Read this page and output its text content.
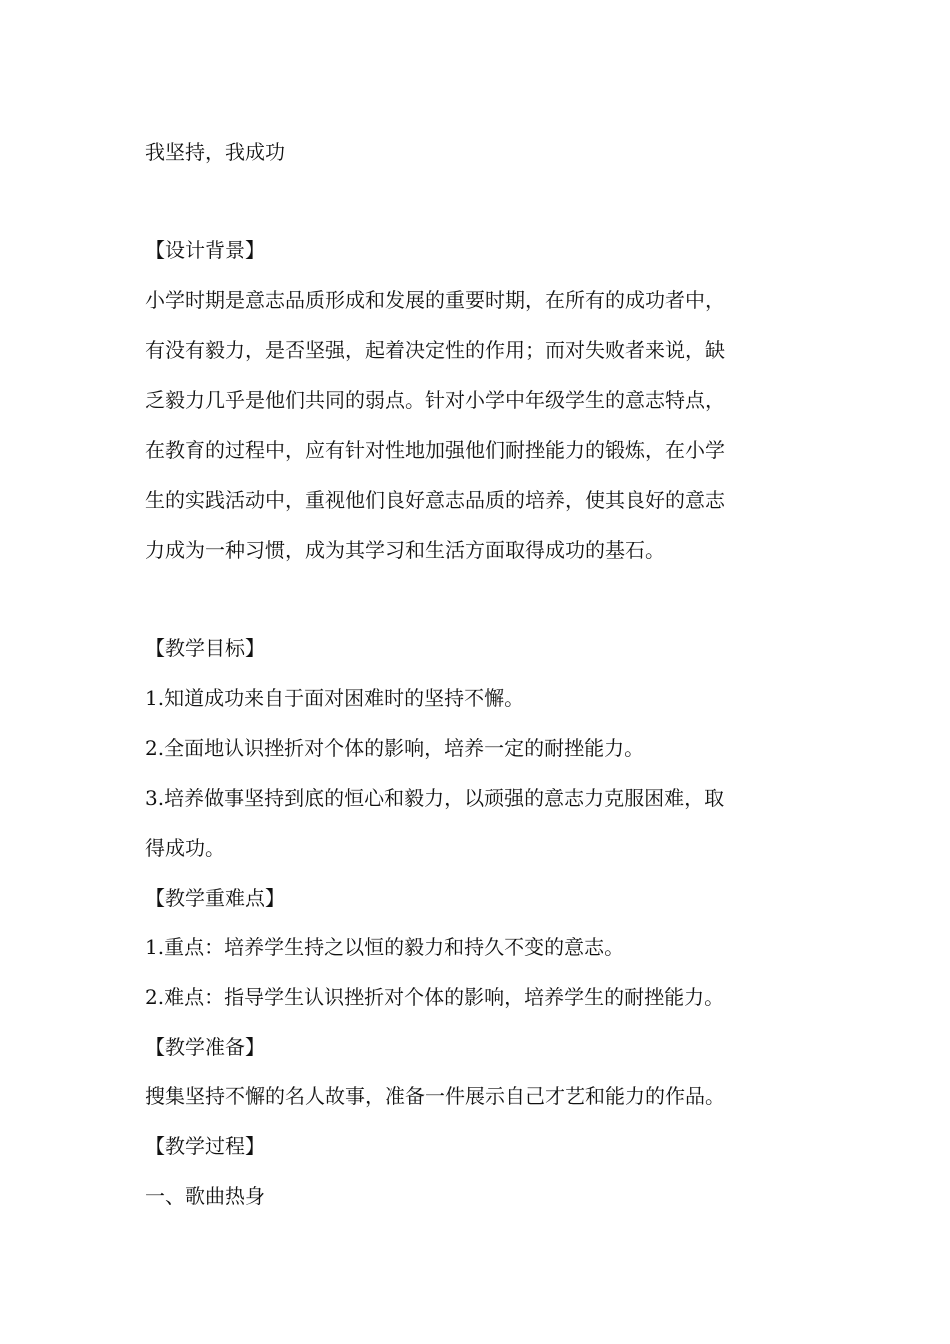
我坚持，我成功
【设计背景】
小学时期是意志品质形成和发展的重要时期，在所有的成功者中，
有没有毅力，是否坚强，起着决定性的作用；而对失败者来说，缺
乏毅力几乎是他们共同的弱点。针对小学中年级学生的意志特点，
在教育的过程中，应有针对性地加强他们耐挫能力的锻炼，在小学
生的实践活动中，重视他们良好意志品质的培养，使其良好的意志
力成为一种习惯，成为其学习和生活方面取得成功的基石。
【教学目标】
1.知道成功来自于面对困难时的坚持不懈。
2.全面地认识挫折对个体的影响，培养一定的耐挫能力。
3.培养做事坚持到底的恒心和毅力，以顽强的意志力克服困难，取
得成功。
【教学重难点】
1.重点：培养学生持之以恒的毅力和持久不变的意志。
2.难点：指导学生认识挫折对个体的影响，培养学生的耐挫能力。
【教学准备】
搜集坚持不懈的名人故事，准备一件展示自己才艺和能力的作品。
【教学过程】
一、歌曲热身
